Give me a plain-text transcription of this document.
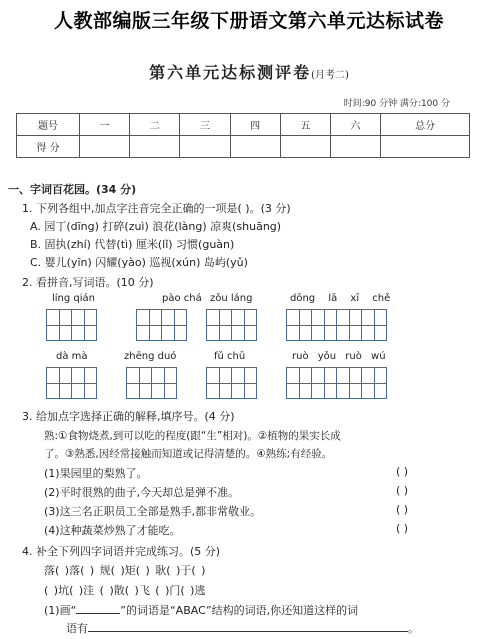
人教部编版三年级下册语文第六单元达标试卷
第六单元达标测评卷(月考二)
时间:90 分钟 满分:100 分
题号	一	二	三	四	五	六	总分
得 分							
一、字词百花园。(34 分)
1. 下列各组中,加点字注音完全正确的一项是( )。(3 分)
A. 园丁(dīng) 打碎(zuì) 浪花(làng) 凉爽(shuāng)
B. 固执(zhí) 代替(tì) 厘米(lǐ) 习惯(guàn)
C. 婴儿(yīn) 闪耀(yào) 巡视(xún) 岛屿(yǔ)
2. 看拼音,写词语。(10 分)
líng qián	pào chá zǒu láng	dōng lā xī chě
dà mà	zhēng duó	fǔ chū	ruò yǒu ruò wú
3. 给加点字选择正确的解释,填序号。(4 分)
熟:①食物烧煮,到可以吃的程度(跟“生”相对)。②植物的果实长成
了。③熟悉,因经常接触而知道或记得清楚的。④熟练;有经验。
(1)果园里的梨熟了。	( )
(2)平时很熟的曲子,今天却总是弹不准。	( )
(3)这三名正职员工全部是熟手,都非常敬业。	( )
(4)这种蔬菜炒熟了才能吃。	( )
4. 补全下列四字词语并完成练习。(5 分)
落( )落( ) 规( )矩( ) 耿( )于( )
( )坑( )洼 ( )散( )飞 ( )门( )逃
(1)画“	”的词语是“ABAC”结构的词语,你还知道这样的词
语有	。
